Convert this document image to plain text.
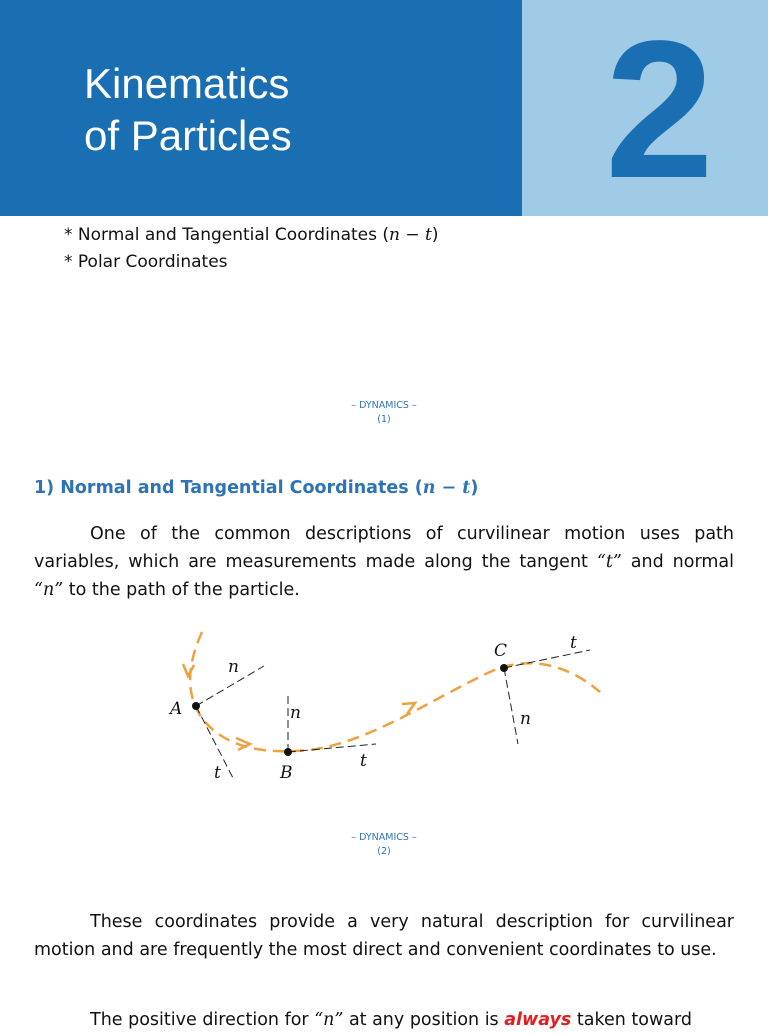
Kinematics
of Particles 2
* Normal and Tangential Coordinates (n − t)
* Polar Coordinates
– DYNAMICS –
(1)
1) Normal and Tangential Coordinates (n − t)
One of the common descriptions of curvilinear motion uses path variables, which are measurements made along the tangent “t” and normal “n” to the path of the particle.
A
B
C
n
t
n
t
n
t
– DYNAMICS –
(2)
These coordinates provide a very natural description for curvilinear motion and are frequently the most direct and convenient coordinates to use.
The positive direction for “n” at any position is always taken toward
